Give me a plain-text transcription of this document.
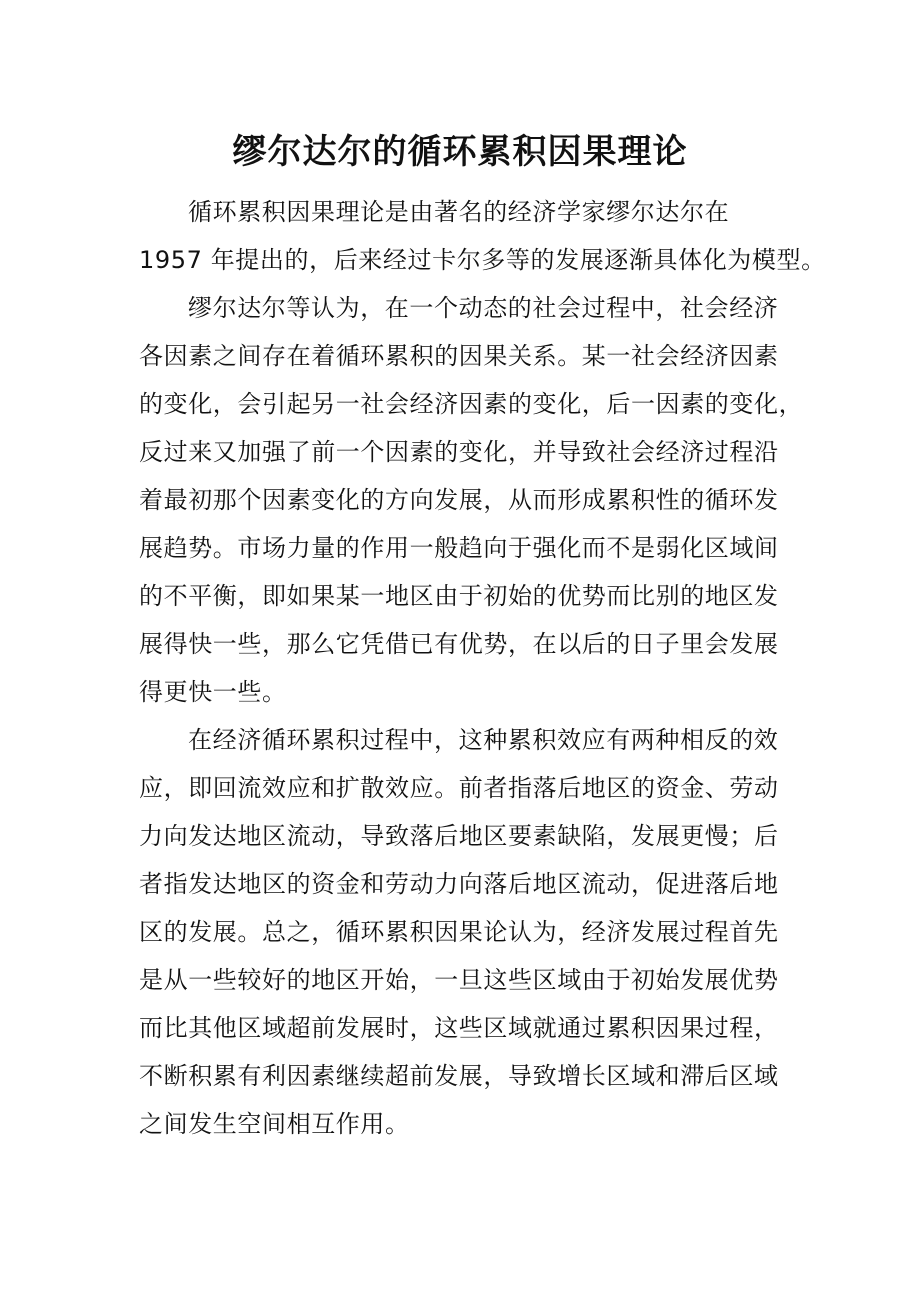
缪尔达尔的循环累积因果理论
循环累积因果理论是由著名的经济学家缪尔达尔在
1957 年提出的，后来经过卡尔多等的发展逐渐具体化为模型。
缪尔达尔等认为，在一个动态的社会过程中，社会经济
各因素之间存在着循环累积的因果关系。某一社会经济因素
的变化，会引起另一社会经济因素的变化，后一因素的变化，
反过来又加强了前一个因素的变化，并导致社会经济过程沿
着最初那个因素变化的方向发展，从而形成累积性的循环发
展趋势。市场力量的作用一般趋向于强化而不是弱化区域间
的不平衡，即如果某一地区由于初始的优势而比别的地区发
展得快一些，那么它凭借已有优势，在以后的日子里会发展
得更快一些。
在经济循环累积过程中，这种累积效应有两种相反的效
应，即回流效应和扩散效应。前者指落后地区的资金、劳动
力向发达地区流动，导致落后地区要素缺陷，发展更慢；后
者指发达地区的资金和劳动力向落后地区流动，促进落后地
区的发展。总之，循环累积因果论认为，经济发展过程首先
是从一些较好的地区开始，一旦这些区域由于初始发展优势
而比其他区域超前发展时，这些区域就通过累积因果过程，
不断积累有利因素继续超前发展，导致增长区域和滞后区域
之间发生空间相互作用。
